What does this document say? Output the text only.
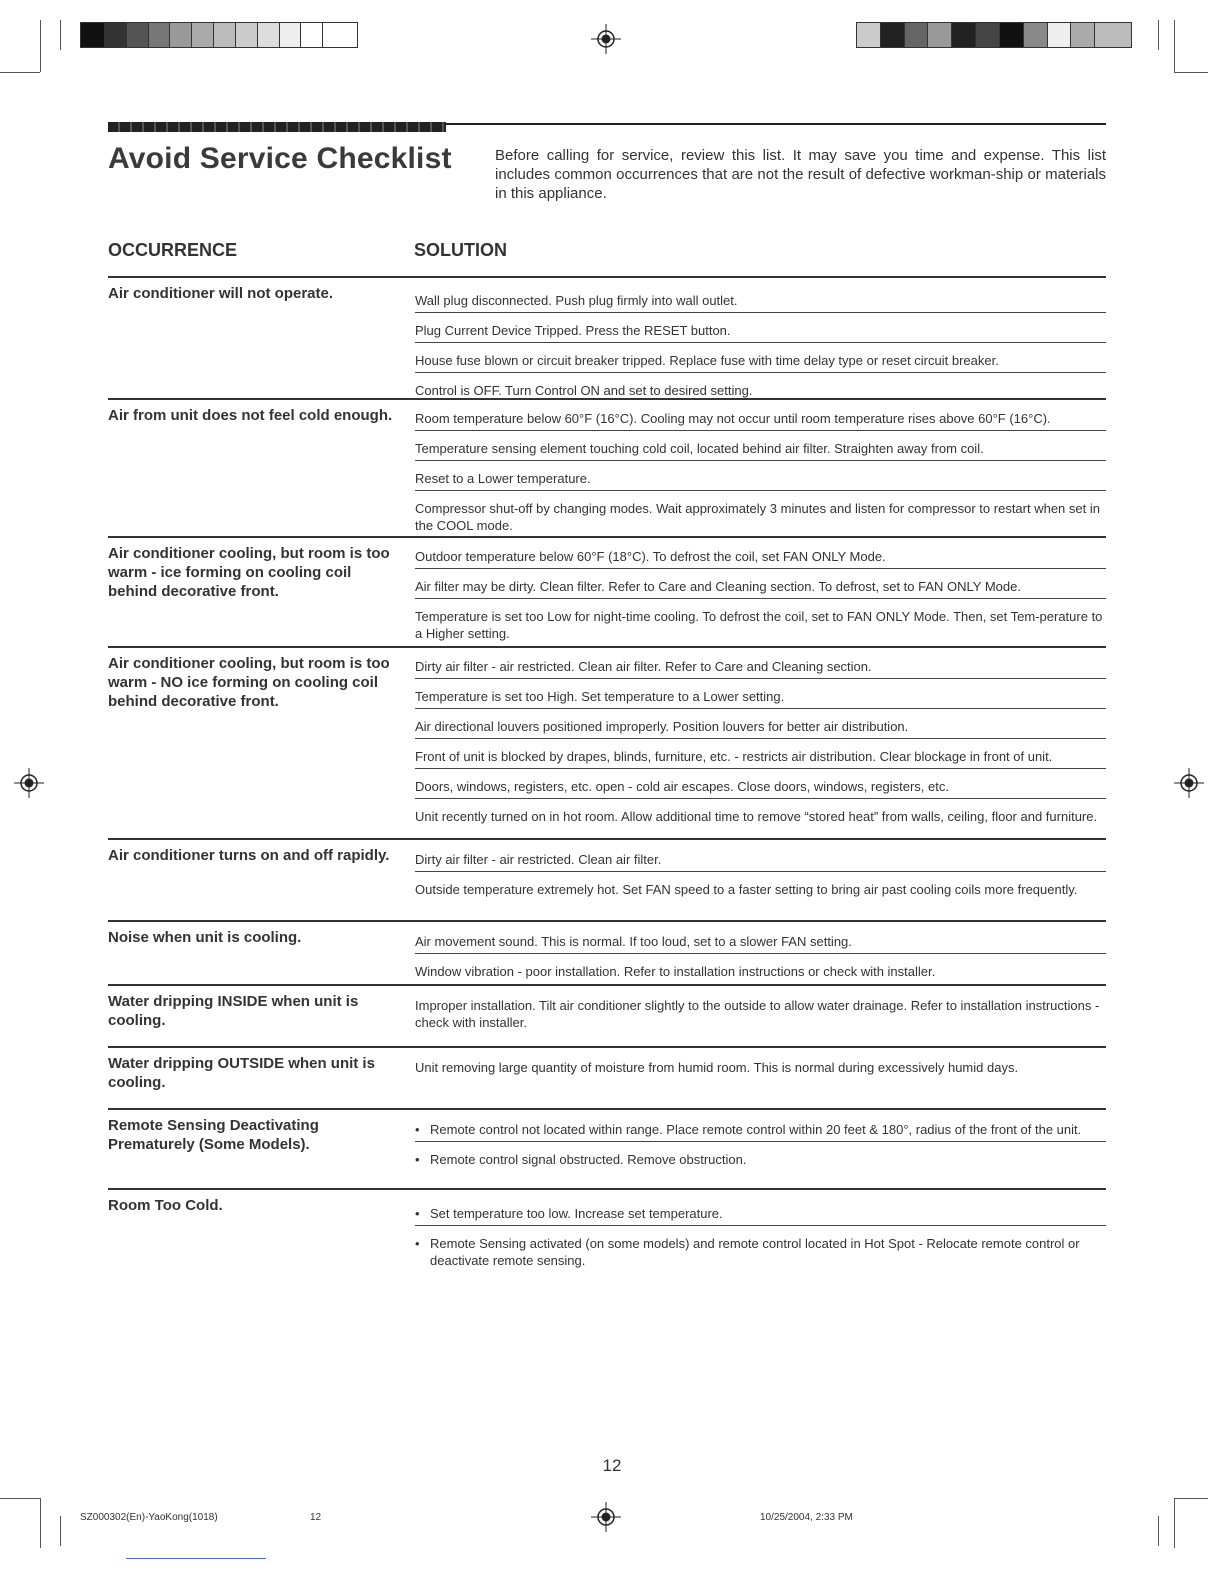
Avoid Service Checklist	Before calling for service, review this list. It may save you time and expense. This list includes common occurrences that are not the result of defective workman-ship or materials in this appliance.
OCCURRENCE	SOLUTION
Air conditioner will not operate.	Wall plug disconnected. Push plug firmly into wall outlet.
Plug Current Device Tripped. Press the RESET button.
House fuse blown or circuit breaker tripped. Replace fuse with time delay type or reset circuit breaker.
Control is OFF. Turn Control ON and set to desired setting.
Air from unit does not feel cold enough. Room temperature below 60°F (16°C). Cooling may not occur until room temperature rises above 60°F (16°C).
Temperature sensing element touching cold coil, located behind air filter. Straighten away from coil.
Reset to a Lower temperature.
Compressor shut-off by changing modes. Wait approximately 3 minutes and listen for compressor to restart when set in the COOL mode.
Air conditioner cooling, but room is too warm - ice forming on cooling coil behind decorative front.
Outdoor temperature below 60°F (18°C). To defrost the coil, set FAN ONLY Mode.
Air filter may be dirty. Clean filter. Refer to Care and Cleaning section. To defrost, set to FAN ONLY Mode.
Temperature is set too Low for night-time cooling. To defrost the coil, set to FAN ONLY Mode. Then, set Tem-perature to a Higher setting.
Air conditioner cooling, but room is too warm - NO ice forming on cooling coil behind decorative front.
Dirty air filter - air restricted. Clean air filter. Refer to Care and Cleaning section.
Temperature is set too High. Set temperature to a Lower setting.
Air directional louvers positioned improperly. Position louvers for better air distribution.
Front of unit is blocked by drapes, blinds, furniture, etc. - restricts air distribution. Clear blockage in front of unit.
Doors, windows, registers, etc. open - cold air escapes. Close doors, windows, registers, etc.
Unit recently turned on in hot room. Allow additional time to remove “stored heat” from walls, ceiling, floor and furniture.
Air conditioner turns on and off rapidly. Dirty air filter - air restricted. Clean air filter.
Outside temperature extremely hot. Set FAN speed to a faster setting to bring air past cooling coils more frequently.
Noise when unit is cooling.	Air movement sound. This is normal. If too loud, set to a slower FAN setting.
Window vibration - poor installation. Refer to installation instructions or check with installer.
Water dripping INSIDE when unit is cooling.
Improper installation. Tilt air conditioner slightly to the outside to allow water drainage. Refer to installation instructions - check with installer.
Water dripping OUTSIDE when unit is cooling.
Unit removing large quantity of moisture from humid room. This is normal during excessively humid days.
Remote Sensing Deactivating Prematurely (Some Models).
• Remote control not located within range. Place remote control within 20 feet & 180°, radius of the front of the unit.
• Remote control signal obstructed. Remove obstruction.
Room Too Cold.
•	Set temperature too low. Increase set temperature.
• Remote Sensing activated (on some models) and remote control located in Hot Spot - Relocate remote control or deactivate remote sensing.
12
SZ000302(En)-YaoKong(1018)	12	10/25/2004, 2:33 PM
